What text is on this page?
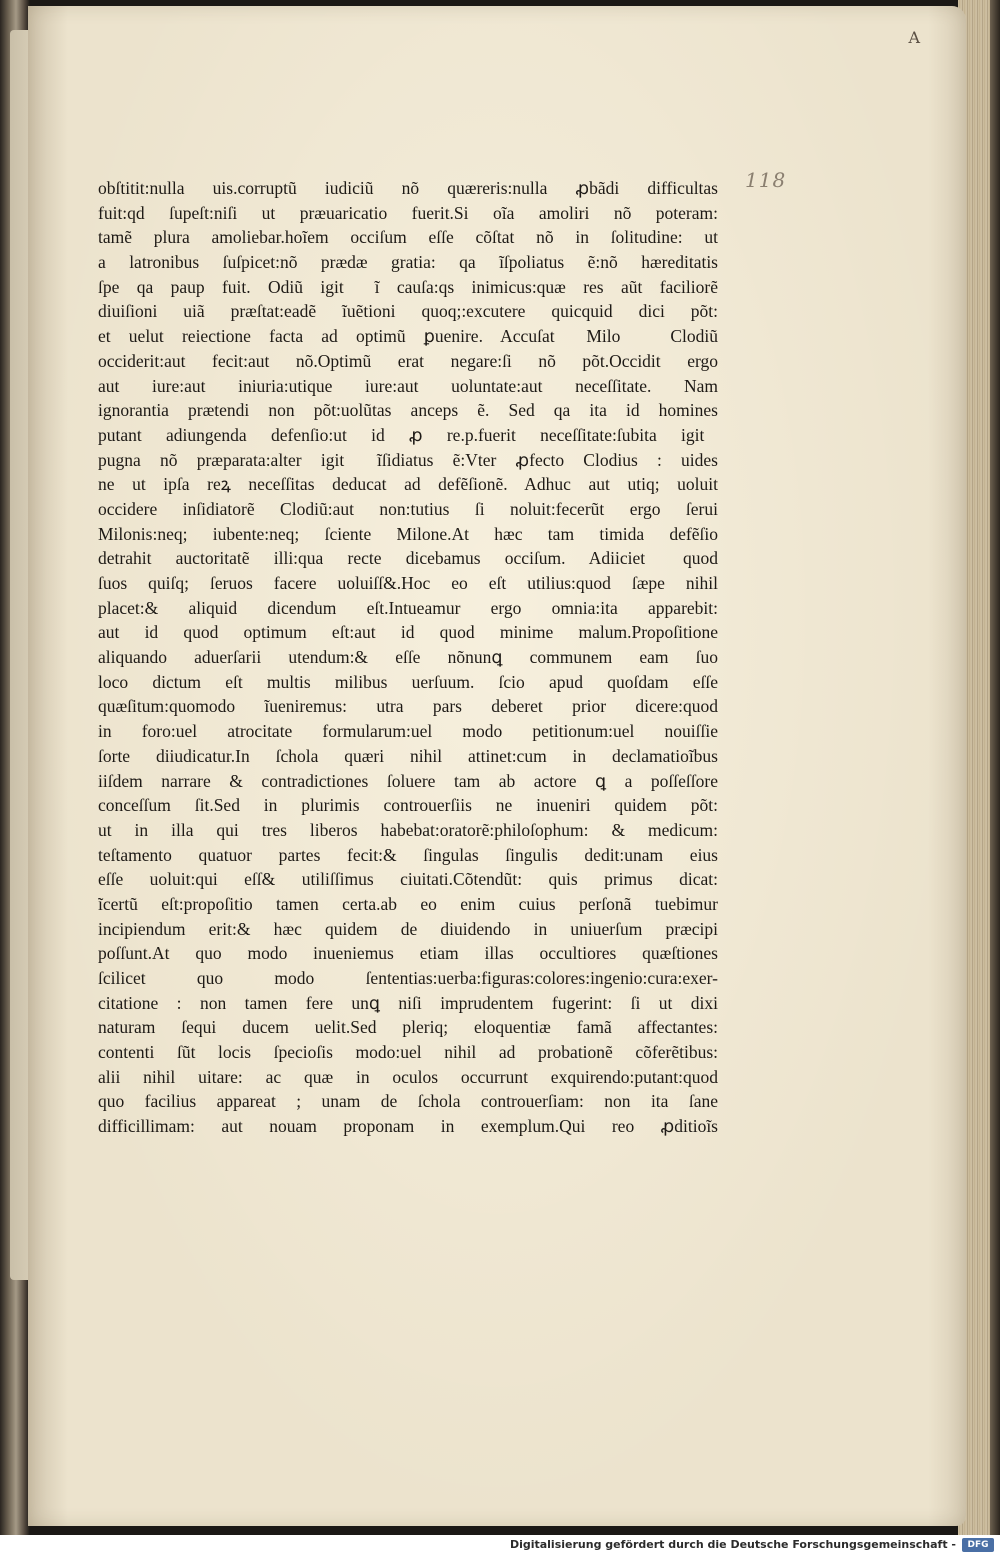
A
118
obſtitit:nulla uis.corruptũ iudiciũ nõ quæreris:nulla ꝓbãdi difficultas
fuit:qd ſupeſt:niſi ut præuaricatio fuerit.Si oĩa amoliri nõ poteram:
tamẽ plura amoliebar.hoĩem occiſum eſſe cõſtat nõ in ſolitudine: ut
a latronibus ſuſpicet:nõ prædæ gratia: qa ĩſpoliatus ẽ:nõ hæreditatis
ſpe qa paup fuit. Odiũ igitᷣ ĩ cauſa:qs inimicus:quæ res aũt faciliorẽ
diuiſioni uiã præſtat:eadẽ ĩuẽtioni quoq;:excutere quicquid dici põt:
et uelut reiectione facta ad optimũ ꝑuenire. Accuſatᷣ Milo ꝙ Clodiũ
occiderit:aut fecit:aut nõ.Optimũ erat negare:ſi nõ põt.Occidit ergo
aut iure:aut iniuria:utique iure:aut uoluntate:aut neceſſitate. Nam
ignorantia prætendi non põt:uolũtas anceps ẽ. Sed qa ita id homines
putant adiungenda defenſio:ut id ꝓ re.p.fuerit neceſſitate:ſubita igitᷣ
pugna nõ præparata:alter igitᷣ ĩſidiatus ẽ:Vter ꝓfecto Clodius : uides
ne ut ipſa reꝝ neceſſitas deducat ad defẽſionẽ. Adhuc aut utiq; uoluit
occidere inſidiatorẽ Clodiũ:aut non:tutius ſi noluit:fecerũt ergo ſerui
Milonis:neq; iubente:neq; ſciente Milone.At hæc tam timida defẽſio
detrahit auctoritatẽ illi:qua recte dicebamus occiſum. Adiicietᷣ quod
ſuos quiſq; ſeruos facere uoluiſſ&.Hoc eo eſt utilius:quod ſæpe nihil
placet:& aliquid dicendum eſt.Intueamur ergo omnia:ita apparebit:
aut id quod optimum eſt:aut id quod minime malum.Propoſitione
aliquando aduerſarii utendum:& eſſe nõnunꝗ communem eam ſuo
loco dictum eſt multis milibus uerſuum. ſcio apud quoſdam eſſe
quæſitum:quomodo ĩueniremus: utra pars deberet prior dicere:quod
in foro:uel atrocitate formularum:uel modo petitionum:uel nouiſſie
ſorte diiudicatur.In ſchola quæri nihil attinet:cum in declamatioĩbus
iiſdem narrare & contradictiones ſoluere tam ab actore ꝗ a poſſeſſore
conceſſum ſit.Sed in plurimis controuerſiis ne inueniri quidem põt:
ut in illa qui tres liberos habebat:oratorẽ:philoſophum: & medicum:
teſtamento quatuor partes fecit:& ſingulas ſingulis dedit:unam eius
eſſe uoluit:qui eſſ& utiliſſimus ciuitati.Cõtendũt: quis primus dicat:
ĩcertũ eſt:propoſitio tamen certa.ab eo enim cuius perſonã tuebimur
incipiendum erit:& hæc quidem de diuidendo in uniuerſum præcipi
poſſunt.At quo modo inueniemus etiam illas occultiores quæſtiones
ſcilicet quo modo ſententias:uerba:figuras:colores:ingenio:cura:exer-
citatione : non tamen fere unꝗ niſi imprudentem fugerint: ſi ut dixi
naturam ſequi ducem uelit.Sed pleriq; eloquentiæ famã affectantes:
contenti ſũt locis ſpecioſis modo:uel nihil ad probationẽ cõferẽtibus:
alii nihil uitare: ac quæ in oculos occurrunt exquirendo:putant:quod
quo facilius appareat ; unam de ſchola controuerſiam: non ita ſane
difficillimam: aut nouam proponam in exemplum.Qui reo ꝓditioĩs
Digitalisierung gefördert durch die Deutsche Forschungsgemeinschaft -	DFG
